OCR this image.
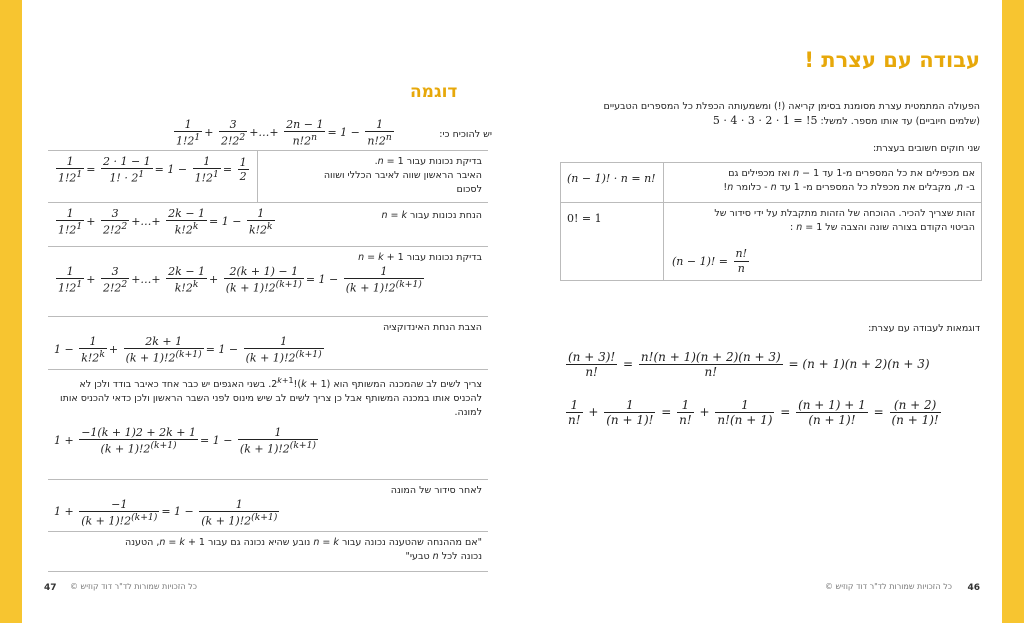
דוגמה
$\frac{1}{1!2^1} + \frac{3}{2!2^2}$ +…+ $\frac{2n - 1}{n!2^n} = 1 - \frac{1}{n!2^n}$	יש להוכיח כי:
$\frac{1}{1!2^1} = \frac{2 \cdot 1 - 1}{1! \cdot 2^1} = 1 - \frac{1}{1!2^1} = \frac{1}{2}$	בדיקת נכונות עבור n = 1.
האיבר הראשון שווה לאיבר הכללי ושווה
לסכום

$\frac{1}{1!2^1} + \frac{3}{2!2^2}$ +…+ $\frac{2k - 1}{k!2^k} = 1 - \frac{1}{k!2^k}$	הנחת נכונות עבור n = k

בדיקת נכונות עבור n = k + 1
$\frac{1}{1!2^1} + \frac{3}{2!2^2}$ +…+ $\frac{2k - 1}{k!2^k} + \frac{2(k + 1) - 1}{(k + 1)!2^{(k+1)}} = 1 - \frac{1}{(k + 1)!2^{(k+1)}}$

הצבת הנחת האינדוקציה
$1 - \frac{1}{k!2^k} + \frac{2k + 1}{(k + 1)!2^{(k+1)}} = 1 - \frac{1}{(k + 1)!2^{(k+1)}}$

צריך לשים לב שהמכנה המשותף הוא $(k + 1)!2^{k+1}$. בשני האגפים יש כבר אחד כאיבר בודד ולכן לא להכניס אותו במכנה המשותף אבל כן צריך לשים לב שיש מינוס לפני השבר הראשון ולכן כדאי להכניס אותו למונה.
$1 + \frac{-1(k + 1)2 + 2k + 1}{(k + 1)!2^{(k+1)}} = 1 - \frac{1}{(k + 1)!2^{(k+1)}}$

לאחר סידור של המונה
$1 + \frac{-1}{(k + 1)!2^{(k+1)}} = 1 - \frac{1}{(k + 1)!2^{(k+1)}}$

"אם מההנחה שהטענה נכונה עבור n = k נובע שהיא נכונה גם עבור n = k + 1, הטענה
נכונה לכל n טבעי"
47 כל הזכויות שמורות לד"ר דוד קוזיש ©
עבודה עם עצרת !
הפעולה המתמטית עצרת מסומנת בסימן קריאה (!) ומשמעותה הכפלת כל המספרים הטבעיים
(שלמים חיוביים) עד אותו מספר. למשל: 5! = 1 · 2 · 3 · 4 · 5
שני חוקים חשובים בעצרת:
(n − 1)! · n = n!	אם מכפילים את כל המספרים מ-1 עד n − 1 ואז מכפילים גם
ב- n, מקבלים את מכפלת כל המספרים מ- 1 עד n - כלומר n!
0! = 1	זהות שצריך להכיר. ההוכחה של הזהות מתקבלת על ידי סידור של
הביטוי הקודם בצורה שונה והצבה של n = 1 :
(n − 1)! = $\frac{n!}{n}$
דוגמאות לעבודה עם עצרת:
$\frac{(n + 3)!}{n!} = \frac{n!(n + 1)(n + 2)(n + 3)}{n!} = (n + 1)(n + 2)(n + 3)$
$\frac{1}{n!} + \frac{1}{(n + 1)!} = \frac{1}{n!} + \frac{1}{n!(n + 1)} = \frac{(n + 1) + 1}{(n + 1)!} = \frac{(n + 2)}{(n + 1)!}$
46
כל הזכויות שמורות לד"ר דוד קוזיש ©
